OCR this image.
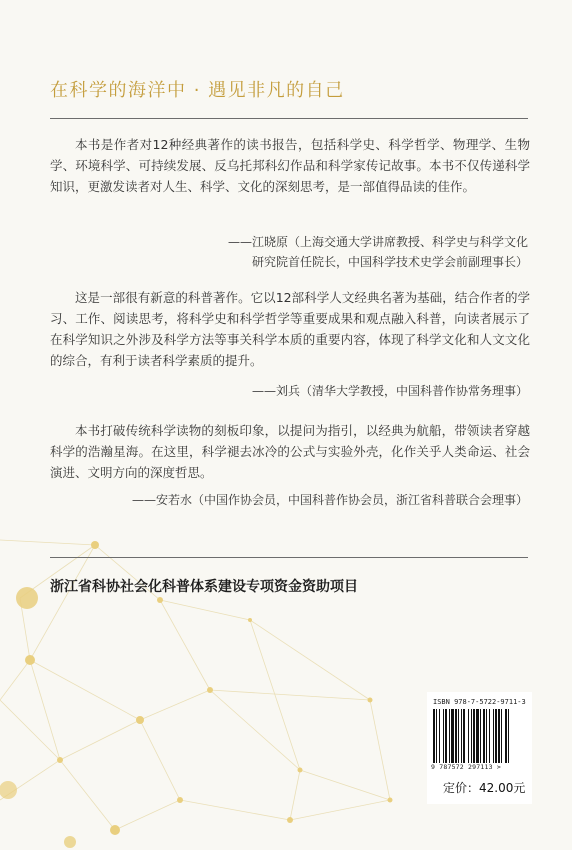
在科学的海洋中 · 遇见非凡的自己

本书是作者对12种经典著作的读书报告，包括科学史、科学哲学、物理学、生物学、环境科学、可持续发展、反乌托邦科幻作品和科学家传记故事。本书不仅传递科学知识，更激发读者对人生、科学、文化的深刻思考，是一部值得品读的佳作。

——江晓原（上海交通大学讲席教授、科学史与科学文化
研究院首任院长，中国科学技术史学会前副理事长）

这是一部很有新意的科普著作。它以12部科学人文经典名著为基础，结合作者的学习、工作、阅读思考，将科学史和科学哲学等重要成果和观点融入科普，向读者展示了在科学知识之外涉及科学方法等事关科学本质的重要内容，体现了科学文化和人文文化的综合，有利于读者科学素质的提升。

——刘兵（清华大学教授，中国科普作协常务理事）

本书打破传统科学读物的刻板印象，以提问为指引，以经典为航船，带领读者穿越科学的浩瀚星海。在这里，科学褪去冰冷的公式与实验外壳，化作关乎人类命运、社会演进、文明方向的深度哲思。

——安若水（中国作协会员，中国科普作协会员，浙江省科普联合会理事）

浙江省科协社会化科普体系建设专项资金资助项目
ISBN 978-7-5722-9711-3
9 787572 297113 >
定价：42.00元
